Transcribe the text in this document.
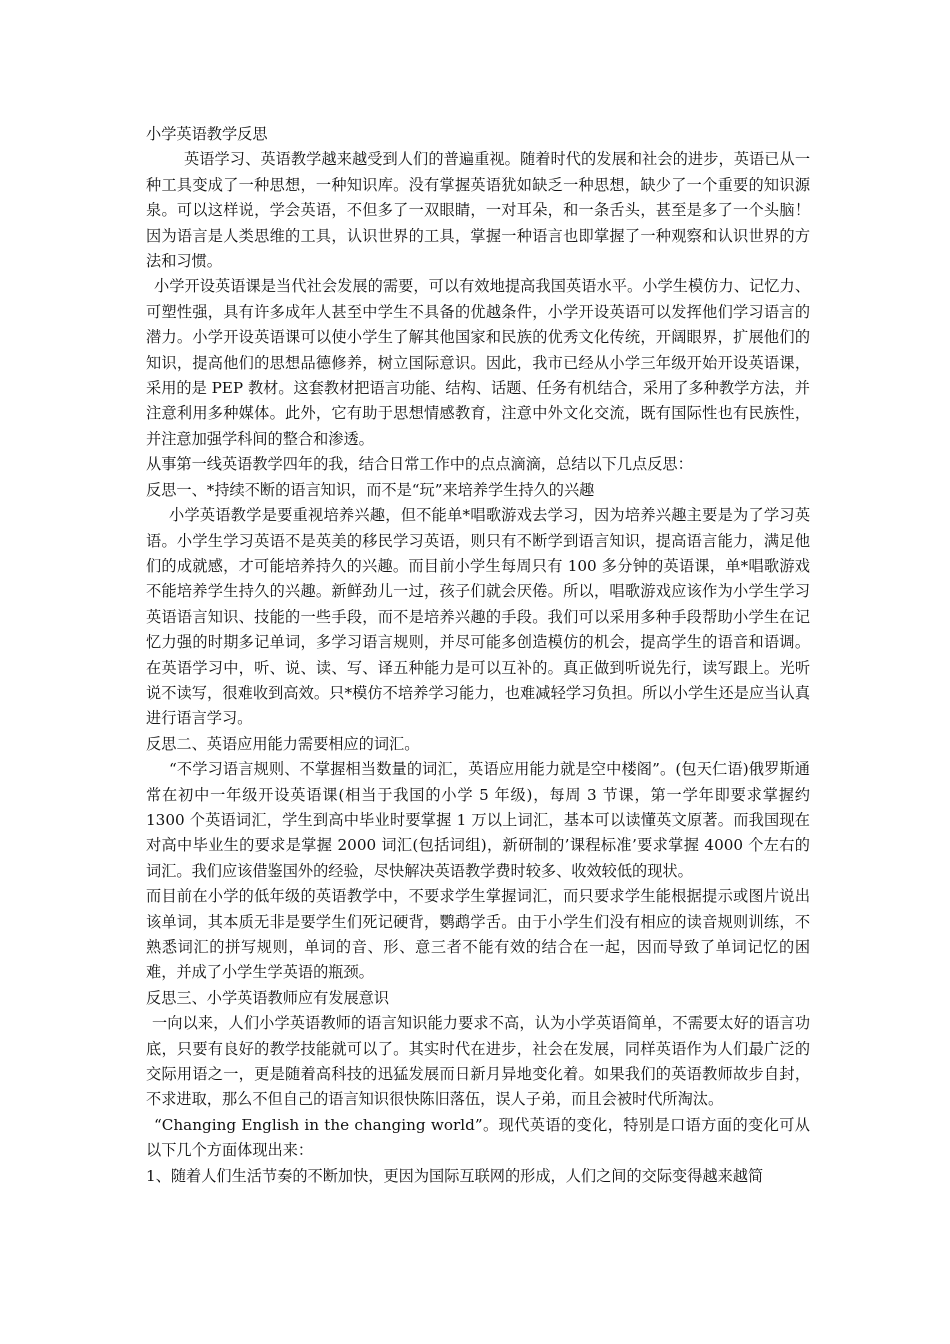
小学英语教学反思

英语学习、英语教学越来越受到人们的普遍重视。随着时代的发展和社会的进步，英语已从一种工具变成了一种思想，一种知识库。没有掌握英语犹如缺乏一种思想，缺少了一个重要的知识源泉。可以这样说，学会英语，不但多了一双眼睛，一对耳朵，和一条舌头，甚至是多了一个头脑！因为语言是人类思维的工具，认识世界的工具，掌握一种语言也即掌握了一种观察和认识世界的方法和习惯。

小学开设英语课是当代社会发展的需要，可以有效地提高我国英语水平。小学生模仿力、记忆力、可塑性强，具有许多成年人甚至中学生不具备的优越条件，小学开设英语可以发挥他们学习语言的潜力。小学开设英语课可以使小学生了解其他国家和民族的优秀文化传统，开阔眼界，扩展他们的知识，提高他们的思想品德修养，树立国际意识。因此，我市已经从小学三年级开始开设英语课，采用的是 PEP 教材。这套教材把语言功能、结构、话题、任务有机结合，采用了多种教学方法，并注意利用多种媒体。此外，它有助于思想情感教育，注意中外文化交流，既有国际性也有民族性，并注意加强学科间的整合和渗透。

从事第一线英语教学四年的我，结合日常工作中的点点滴滴，总结以下几点反思：

反思一、*持续不断的语言知识，而不是“玩”来培养学生持久的兴趣

小学英语教学是要重视培养兴趣，但不能单*唱歌游戏去学习，因为培养兴趣主要是为了学习英语。小学生学习英语不是英美的移民学习英语，则只有不断学到语言知识，提高语言能力，满足他们的成就感，才可能培养持久的兴趣。而目前小学生每周只有 100 多分钟的英语课，单*唱歌游戏不能培养学生持久的兴趣。新鲜劲儿一过，孩子们就会厌倦。所以，唱歌游戏应该作为小学生学习英语语言知识、技能的一些手段，而不是培养兴趣的手段。我们可以采用多种手段帮助小学生在记忆力强的时期多记单词，多学习语言规则，并尽可能多创造模仿的机会，提高学生的语音和语调。在英语学习中，听、说、读、写、译五种能力是可以互补的。真正做到听说先行，读写跟上。光听说不读写，很难收到高效。只*模仿不培养学习能力，也难减轻学习负担。所以小学生还是应当认真进行语言学习。

反思二、英语应用能力需要相应的词汇。

“不学习语言规则、不掌握相当数量的词汇，英语应用能力就是空中楼阁”。(包天仁语)俄罗斯通常在初中一年级开设英语课(相当于我国的小学 5 年级)，每周 3 节课，第一学年即要求掌握约 1300 个英语词汇，学生到高中毕业时要掌握 1 万以上词汇，基本可以读懂英文原著。而我国现在对高中毕业生的要求是掌握 2000 词汇(包括词组)，新研制的’课程标准’要求掌握 4000 个左右的词汇。我们应该借鉴国外的经验，尽快解决英语教学费时较多、收效较低的现状。

而目前在小学的低年级的英语教学中，不要求学生掌握词汇，而只要求学生能根据提示或图片说出该单词，其本质无非是要学生们死记硬背，鹦鹉学舌。由于小学生们没有相应的读音规则训练，不熟悉词汇的拼写规则，单词的音、形、意三者不能有效的结合在一起，因而导致了单词记忆的困难，并成了小学生学英语的瓶颈。

反思三、小学英语教师应有发展意识

一向以来，人们小学英语教师的语言知识能力要求不高，认为小学英语简单，不需要太好的语言功底，只要有良好的教学技能就可以了。其实时代在进步，社会在发展，同样英语作为人们最广泛的交际用语之一，更是随着高科技的迅猛发展而日新月异地变化着。如果我们的英语教师故步自封，不求进取，那么不但自己的语言知识很快陈旧落伍，误人子弟，而且会被时代所淘汰。

“Changing English in the changing world”。现代英语的变化，特别是口语方面的变化可从以下几个方面体现出来：

1、随着人们生活节奏的不断加快，更因为国际互联网的形成，人们之间的交际变得越来越简
